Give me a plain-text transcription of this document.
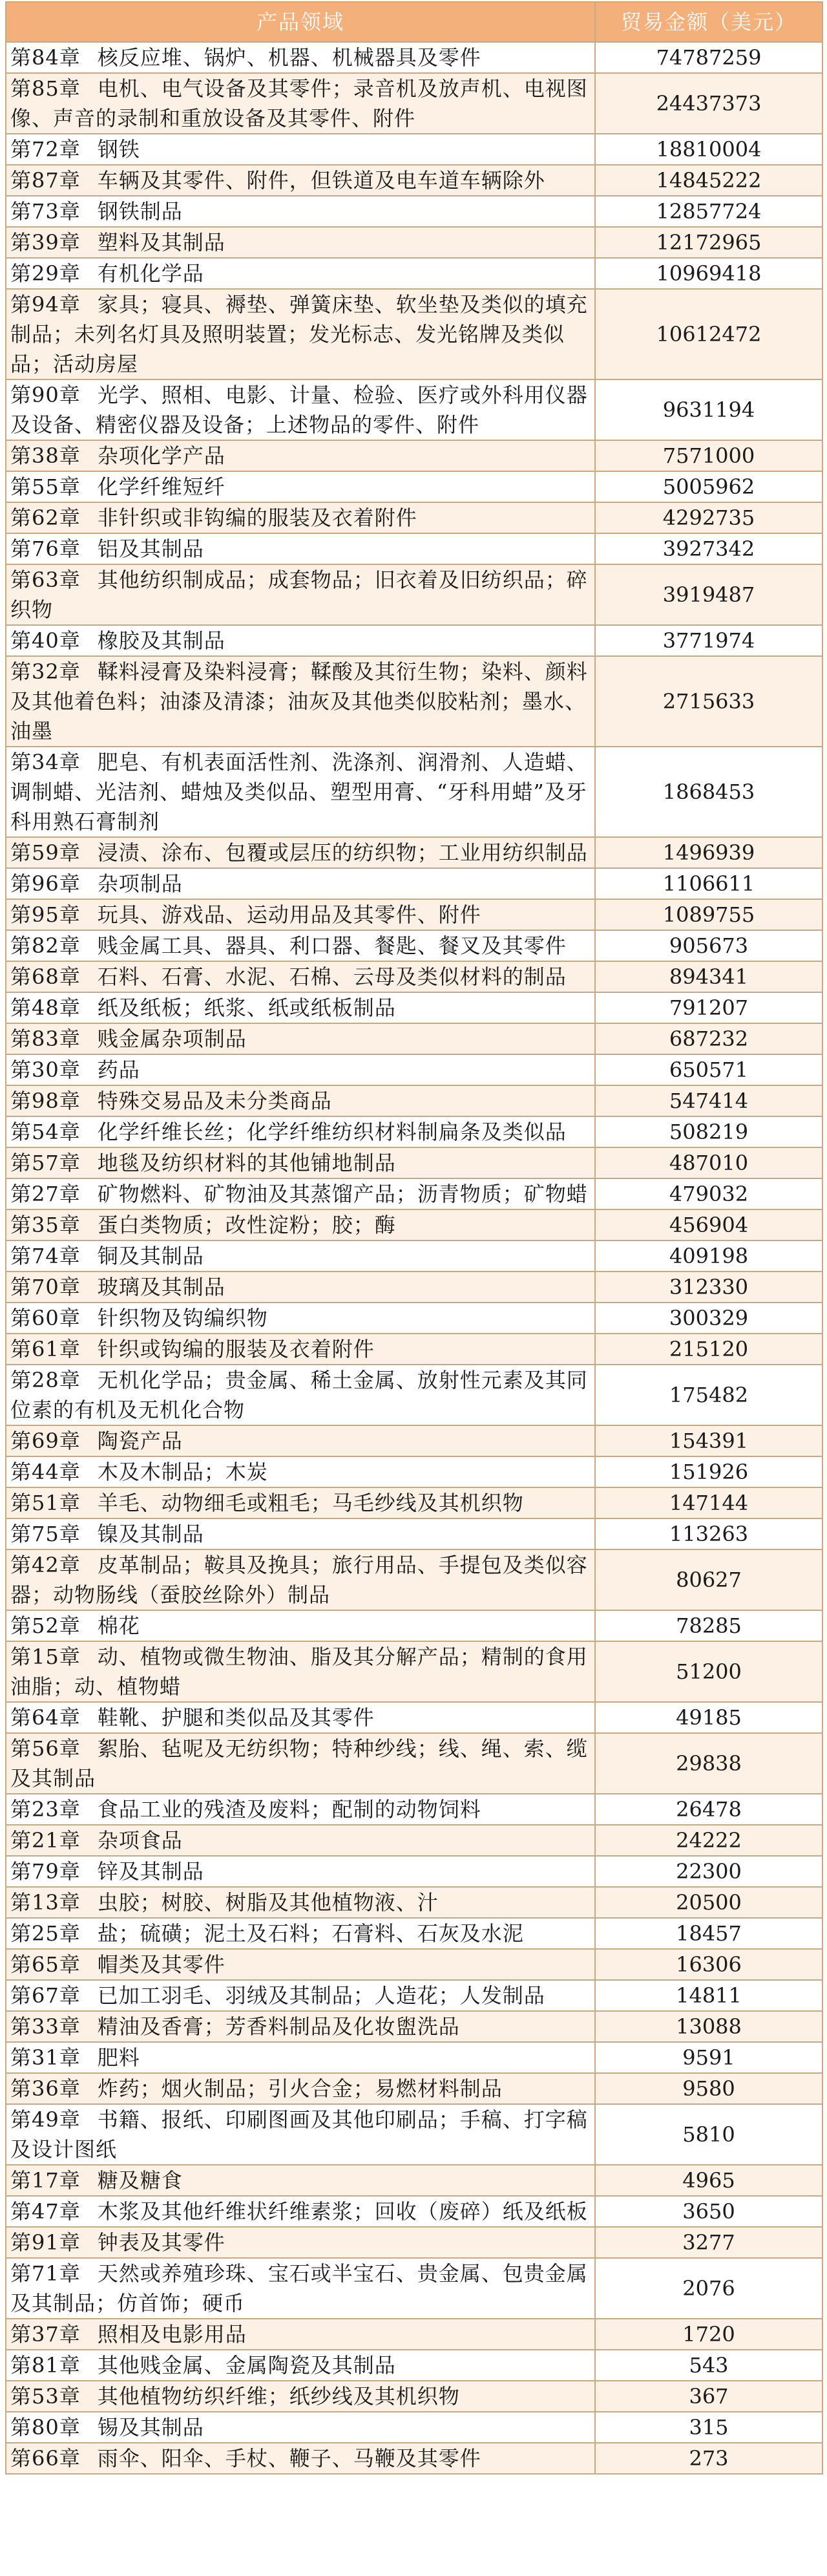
产品领域	贸易金额（美元）
第84章 核反应堆、锅炉、机器、机械器具及零件	74787259
第85章 电机、电气设备及其零件；录音机及放声机、电视图像、声音的录制和重放设备及其零件、附件	24437373
第72章 钢铁	18810004
第87章 车辆及其零件、附件，但铁道及电车道车辆除外	14845222
第73章 钢铁制品	12857724
第39章 塑料及其制品	12172965
第29章 有机化学品	10969418
第94章 家具；寝具、褥垫、弹簧床垫、软坐垫及类似的填充制品；未列名灯具及照明装置；发光标志、发光铭牌及类似品；活动房屋	10612472
第90章 光学、照相、电影、计量、检验、医疗或外科用仪器及设备、精密仪器及设备；上述物品的零件、附件	9631194
第38章 杂项化学产品	7571000
第55章 化学纤维短纤	5005962
第62章 非针织或非钩编的服装及衣着附件	4292735
第76章 铝及其制品	3927342
第63章 其他纺织制成品；成套物品；旧衣着及旧纺织品；碎织物	3919487
第40章 橡胶及其制品	3771974
第32章 鞣料浸膏及染料浸膏；鞣酸及其衍生物；染料、颜料及其他着色料；油漆及清漆；油灰及其他类似胶粘剂；墨水、油墨	2715633
第34章 肥皂、有机表面活性剂、洗涤剂、润滑剂、人造蜡、调制蜡、光洁剂、蜡烛及类似品、塑型用膏、“牙科用蜡”及牙科用熟石膏制剂	1868453
第59章 浸渍、涂布、包覆或层压的纺织物；工业用纺织制品	1496939
第96章 杂项制品	1106611
第95章 玩具、游戏品、运动用品及其零件、附件	1089755
第82章 贱金属工具、器具、利口器、餐匙、餐叉及其零件	905673
第68章 石料、石膏、水泥、石棉、云母及类似材料的制品	894341
第48章 纸及纸板；纸浆、纸或纸板制品	791207
第83章 贱金属杂项制品	687232
第30章 药品	650571
第98章 特殊交易品及未分类商品	547414
第54章 化学纤维长丝；化学纤维纺织材料制扁条及类似品	508219
第57章 地毯及纺织材料的其他铺地制品	487010
第27章 矿物燃料、矿物油及其蒸馏产品；沥青物质；矿物蜡	479032
第35章 蛋白类物质；改性淀粉；胶；酶	456904
第74章 铜及其制品	409198
第70章 玻璃及其制品	312330
第60章 针织物及钩编织物	300329
第61章 针织或钩编的服装及衣着附件	215120
第28章 无机化学品；贵金属、稀土金属、放射性元素及其同位素的有机及无机化合物	175482
第69章 陶瓷产品	154391
第44章 木及木制品；木炭	151926
第51章 羊毛、动物细毛或粗毛；马毛纱线及其机织物	147144
第75章 镍及其制品	113263
第42章 皮革制品；鞍具及挽具；旅行用品、手提包及类似容器；动物肠线（蚕胶丝除外）制品	80627
第52章 棉花	78285
第15章 动、植物或微生物油、脂及其分解产品；精制的食用油脂；动、植物蜡	51200
第64章 鞋靴、护腿和类似品及其零件	49185
第56章 絮胎、毡呢及无纺织物；特种纱线；线、绳、索、缆及其制品	29838
第23章 食品工业的残渣及废料；配制的动物饲料	26478
第21章 杂项食品	24222
第79章 锌及其制品	22300
第13章 虫胶；树胶、树脂及其他植物液、汁	20500
第25章 盐；硫磺；泥土及石料；石膏料、石灰及水泥	18457
第65章 帽类及其零件	16306
第67章 已加工羽毛、羽绒及其制品；人造花；人发制品	14811
第33章 精油及香膏；芳香料制品及化妆盥洗品	13088
第31章 肥料	9591
第36章 炸药；烟火制品；引火合金；易燃材料制品	9580
第49章 书籍、报纸、印刷图画及其他印刷品；手稿、打字稿及设计图纸	5810
第17章 糖及糖食	4965
第47章 木浆及其他纤维状纤维素浆；回收（废碎）纸及纸板	3650
第91章 钟表及其零件	3277
第71章 天然或养殖珍珠、宝石或半宝石、贵金属、包贵金属及其制品；仿首饰；硬币	2076
第37章 照相及电影用品	1720
第81章 其他贱金属、金属陶瓷及其制品	543
第53章 其他植物纺织纤维；纸纱线及其机织物	367
第80章 锡及其制品	315
第66章 雨伞、阳伞、手杖、鞭子、马鞭及其零件	273
